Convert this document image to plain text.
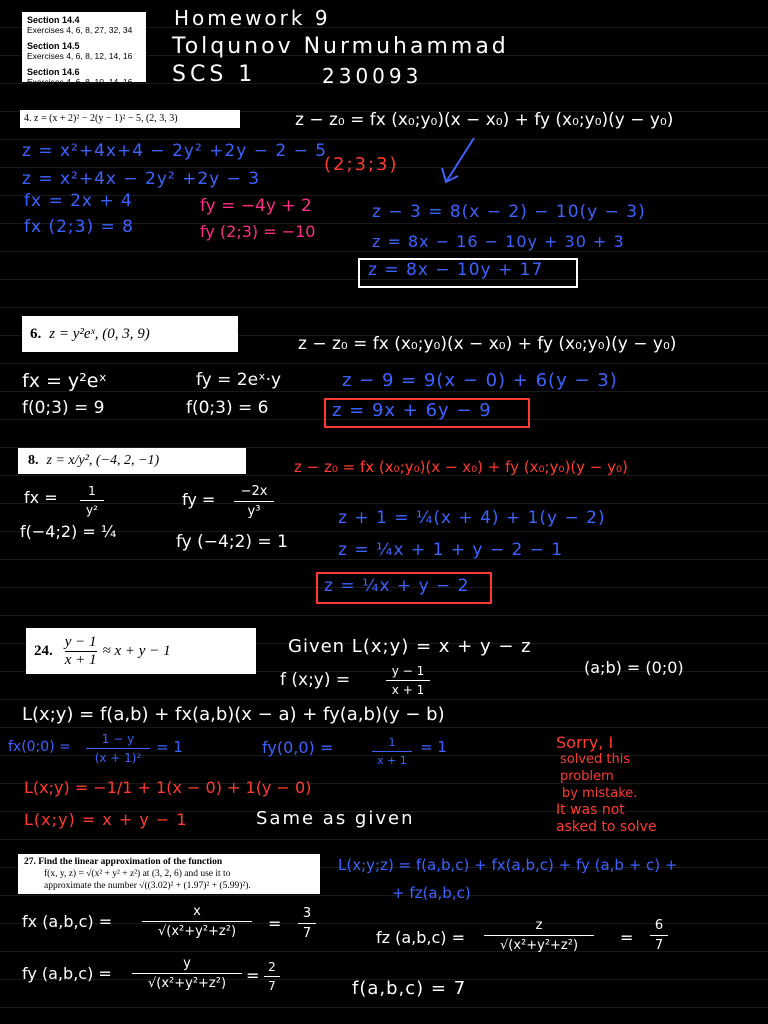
Section 14.4
Exercises 4, 6, 8, 27, 32, 34
Section 14.5
Exercises 4, 6, 8, 12, 14, 16
Section 14.6
Exercises 4, 6, 8, 10, 14, 16
Homework 9
Tolqunov Nurmuhammad
SCS 1	230093
4. z = (x + 2)² − 2(y − 1)² − 5, (2, 3, 3)	z − z₀ = fx (x₀;y₀)(x − x₀) + fy (x₀;y₀)(y − y₀)
z = x²+4x+4 − 2y² +2y − 2 − 5
z = x²+4x − 2y² +2y − 3
(2;3;3)
fx = 2x + 4
fx (2;3) = 8
fy = −4y + 2
fy (2;3) = −10
z − 3 = 8(x − 2) − 10(y − 3)
z = 8x − 16 − 10y + 30 + 3
z = 8x − 10y + 17
6. z = y²eˣ, (0, 3, 9)
z − z₀ = fx (x₀;y₀)(x − x₀) + fy (x₀;y₀)(y − y₀)
fx = y²eˣ
f(0;3) = 9
fy = 2eˣ·y
f(0;3) = 6
z − 9 = 9(x − 0) + 6(y − 3)
z = 9x + 6y − 9
8. z = x/y², (−4, 2, −1)	z − z₀ = fx (x₀;y₀)(x − x₀) + fy (x₀;y₀)(y − y₀)
fx =	1
y²
f(−4;2) = ¼
fy =	−2x
y³
fy (−4;2) = 1
z + 1 = ¼(x + 4) + 1(y − 2)
z = ¼x + 1 + y − 2 − 1
z = ¼x + y − 2
24.
y − 1
x + 1
≈ x + y − 1	Given L(x;y) = x + y − z
f (x;y) =	y − 1
x + 1
(a;b) = (0;0)
L(x;y) = f(a,b) + fx(a,b)(x − a) + fy(a,b)(y − b)
fx(0;0) =	1 − y
(x + 1)²
= 1	fy(0,0) =	1
x + 1
= 1
L(x;y) = −1/1 + 1(x − 0) + 1(y − 0)
L(x;y) = x + y − 1	Same as given
Sorry, I
solved this
problem
by mistake.
It was not
asked to solve
27. Find the linear approximation of the function
f(x, y, z) = √(x² + y² + z²) at (3, 2, 6) and use it to
approximate the number √((3.02)² + (1.97)² + (5.99)²).
L(x;y;z) = f(a,b,c) + fx(a,b,c) + fy (a,b + c) +
+ fz(a,b,c)
fx (a,b,c) =
x
√(x²+y²+z²)	=
3
7	fz (a,b,c) =
z
√(x²+y²+z²)	=
6
7
fy (a,b,c) =
y
√(x²+y²+z²)	= 2
7	f(a,b,c) = 7
